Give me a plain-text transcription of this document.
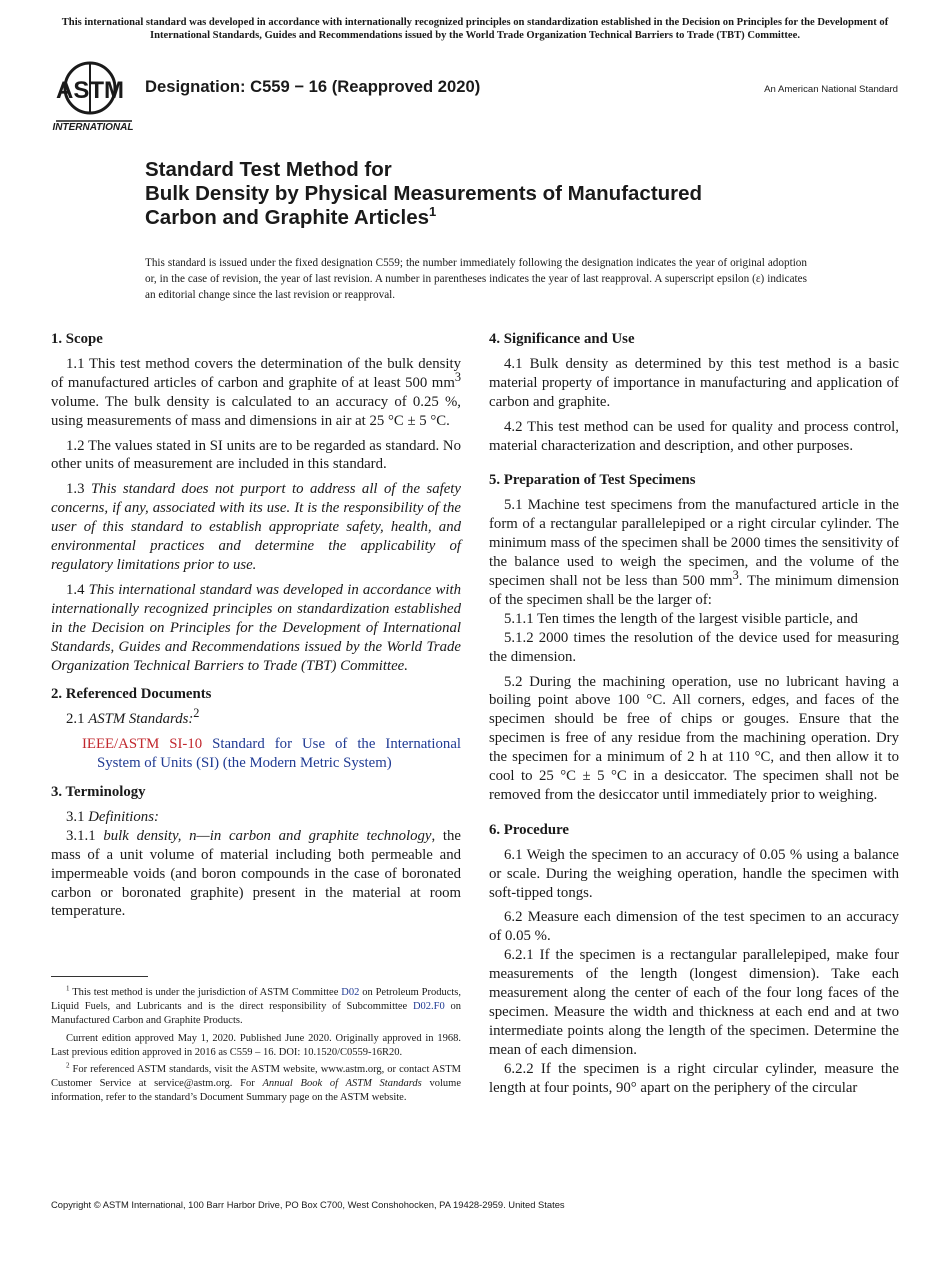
This international standard was developed in accordance with internationally recognized principles on standardization established in the Decision on Principles for the Development of International Standards, Guides and Recommendations issued by the World Trade Organization Technical Barriers to Trade (TBT) Committee.
ASTM
INTERNATIONAL
Designation: C559 − 16 (Reapproved 2020)	An American National Standard
Standard Test Method for
Bulk Density by Physical Measurements of Manufactured
Carbon and Graphite Articles$^1$
This standard is issued under the fixed designation C559; the number immediately following the designation indicates the year of original adoption or, in the case of revision, the year of last revision. A number in parentheses indicates the year of last reapproval. A superscript epsilon (ε) indicates an editorial change since the last revision or reapproval.
1. Scope

1.1 This test method covers the determination of the bulk density of manufactured articles of carbon and graphite of at least 500 $mm^3$ volume. The bulk density is calculated to an accuracy of 0.25 %, using measurements of mass and dimensions in air at 25 °C ± 5 °C.

1.2 The values stated in SI units are to be regarded as standard. No other units of measurement are included in this standard.

1.3 This standard does not purport to address all of the safety concerns, if any, associated with its use. It is the responsibility of the user of this standard to establish appropriate safety, health, and environmental practices and determine the applicability of regulatory limitations prior to use.

1.4 This international standard was developed in accordance with internationally recognized principles on standardization established in the Decision on Principles for the Development of International Standards, Guides and Recommendations issued by the World Trade Organization Technical Barriers to Trade (TBT) Committee.

2. Referenced Documents

2.1 ASTM Standards:$^2$

IEEE/ASTM SI-10 Standard for Use of the International System of Units (SI) (the Modern Metric System)

3. Terminology

3.1 Definitions:

3.1.1 bulk density, n—in carbon and graphite technology, the mass of a unit volume of material including both permeable and impermeable voids (and boron compounds in the case of boronated carbon or boronated graphite) present in the material at room temperature.

4. Significance and Use

4.1 Bulk density as determined by this test method is a basic material property of importance in manufacturing and application of carbon and graphite.

4.2 This test method can be used for quality and process control, material characterization and description, and other purposes.

5. Preparation of Test Specimens

5.1 Machine test specimens from the manufactured article in the form of a rectangular parallelepiped or a right circular cylinder. The minimum mass of the specimen shall be 2000 times the sensitivity of the balance used to weigh the specimen, and the volume of the specimen shall not be less than 500 $mm^3$. The minimum dimension of the specimen shall be the larger of:

5.1.1 Ten times the length of the largest visible particle, and

5.1.2 2000 times the resolution of the device used for measuring the dimension.

5.2 During the machining operation, use no lubricant having a boiling point above 100 °C. All corners, edges, and faces of the specimen should be free of chips or gouges. Ensure that the specimen is free of any residue from the machining operation. Dry the specimen for a minimum of 2 h at 110 °C, and then allow it to cool to 25 °C ± 5 °C in a desiccator. The specimen shall not be removed from the desiccator until immediately prior to weighing.

6. Procedure

6.1 Weigh the specimen to an accuracy of 0.05 % using a balance or scale. During the weighing operation, handle the specimen with soft-tipped tongs.

6.2 Measure each dimension of the test specimen to an accuracy of 0.05 %.

6.2.1 If the specimen is a rectangular parallelepiped, make four measurements of the length (longest dimension). Take each measurement along the center of each of the four long faces of the specimen. Measure the width and thickness at each end and at two intermediate points along the length of the specimen. Determine the mean of each dimension.

6.2.2 If the specimen is a right circular cylinder, measure the length at four points, 90° apart on the periphery of the circular

$^1$ This test method is under the jurisdiction of ASTM Committee D02 on Petroleum Products, Liquid Fuels, and Lubricants and is the direct responsibility of Subcommittee D02.F0 on Manufactured Carbon and Graphite Products.

Current edition approved May 1, 2020. Published June 2020. Originally approved in 1968. Last previous edition approved in 2016 as C559 – 16. DOI: 10.1520/C0559-16R20.

$^2$ For referenced ASTM standards, visit the ASTM website, www.astm.org, or contact ASTM Customer Service at service@astm.org. For Annual Book of ASTM Standards volume information, refer to the standard’s Document Summary page on the ASTM website.

Copyright © ASTM International, 100 Barr Harbor Drive, PO Box C700, West Conshohocken, PA 19428-2959. United States
